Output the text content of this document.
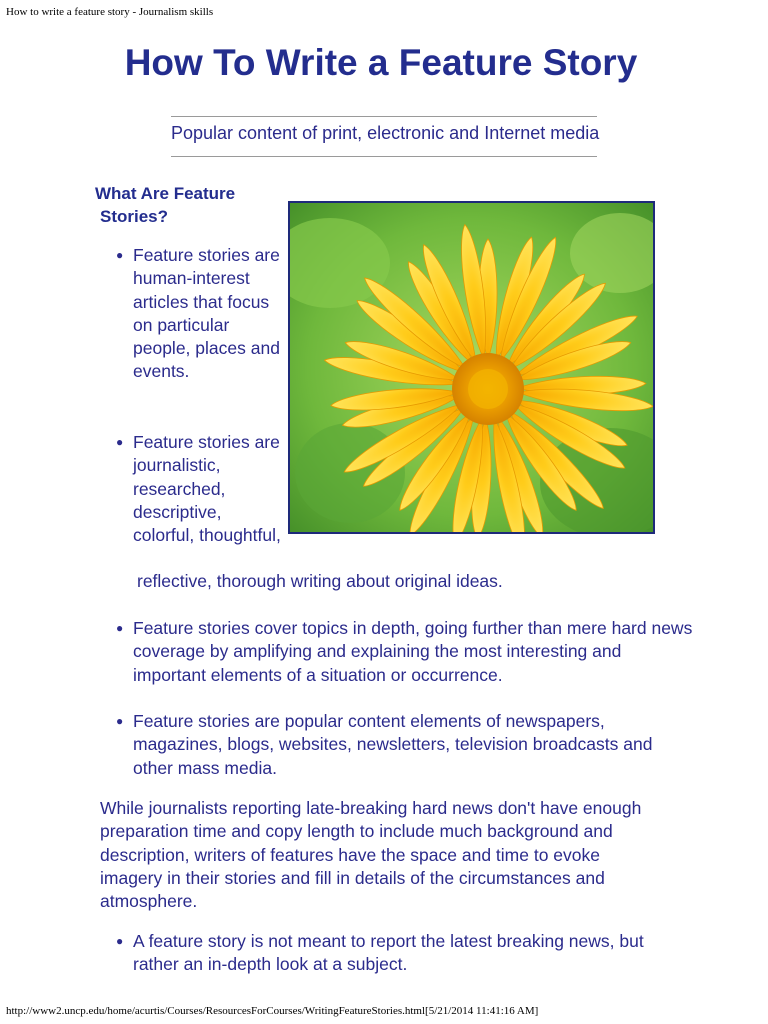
How to write a feature story - Journalism skills
How To Write a Feature Story
Popular content of print, electronic and Internet media
What Are Feature
Stories?
● Feature stories are human-interest articles that focus on particular people, places and events.
● Feature stories are journalistic, researched, descriptive, colorful, thoughtful,
reflective, thorough writing about original ideas.
● Feature stories cover topics in depth, going further than mere hard news coverage by amplifying and explaining the most interesting and important elements of a situation or occurrence.
● Feature stories are popular content elements of newspapers, magazines, blogs, websites, newsletters, television broadcasts and other mass media.

While journalists reporting late-breaking hard news don't have enough preparation time and copy length to include much background and description, writers of features have the space and time to evoke imagery in their stories and fill in details of the circumstances and atmosphere.

● A feature story is not meant to report the latest breaking news, but rather an in-depth look at a subject.
http://www2.uncp.edu/home/acurtis/Courses/ResourcesForCourses/WritingFeatureStories.html[5/21/2014 11:41:16 AM]
